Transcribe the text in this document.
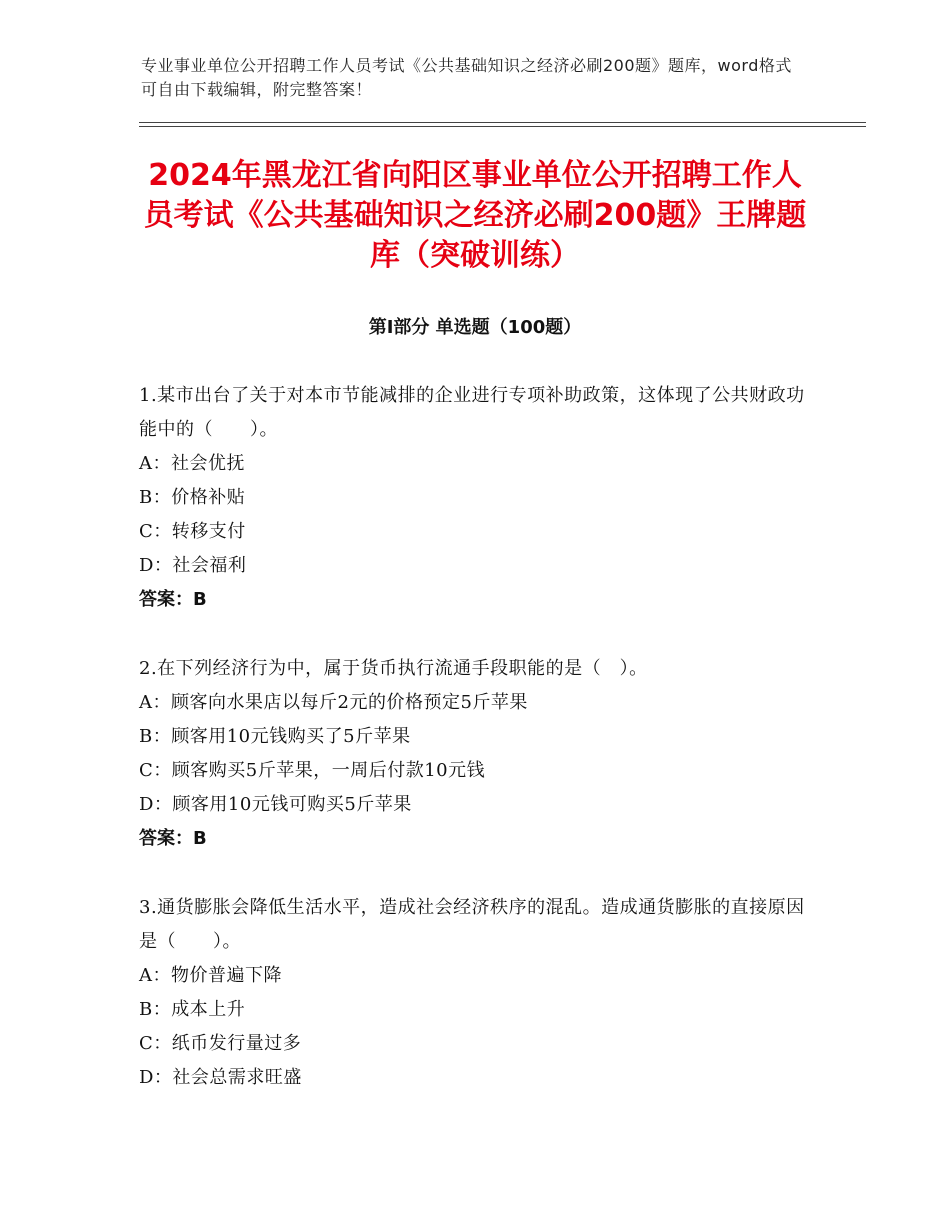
专业事业单位公开招聘工作人员考试《公共基础知识之经济必刷200题》题库，word格式可自由下载编辑，附完整答案！
2024年黑龙江省向阳区事业单位公开招聘工作人员考试《公共基础知识之经济必刷200题》王牌题库（突破训练）
第Ⅰ部分 单选题（100题）

1.某市出台了关于对本市节能减排的企业进行专项补助政策，这体现了公共财政功能中的（　　）。

A：社会优抚

B：价格补贴

C：转移支付

D：社会福利

答案：B

2.在下列经济行为中，属于货币执行流通手段职能的是（　）。

A：顾客向水果店以每斤2元的价格预定5斤苹果

B：顾客用10元钱购买了5斤苹果

C：顾客购买5斤苹果，一周后付款10元钱

D：顾客用10元钱可购买5斤苹果

答案：B

3.通货膨胀会降低生活水平，造成社会经济秩序的混乱。造成通货膨胀的直接原因是（　　）。

A：物价普遍下降

B：成本上升

C：纸币发行量过多

D：社会总需求旺盛
